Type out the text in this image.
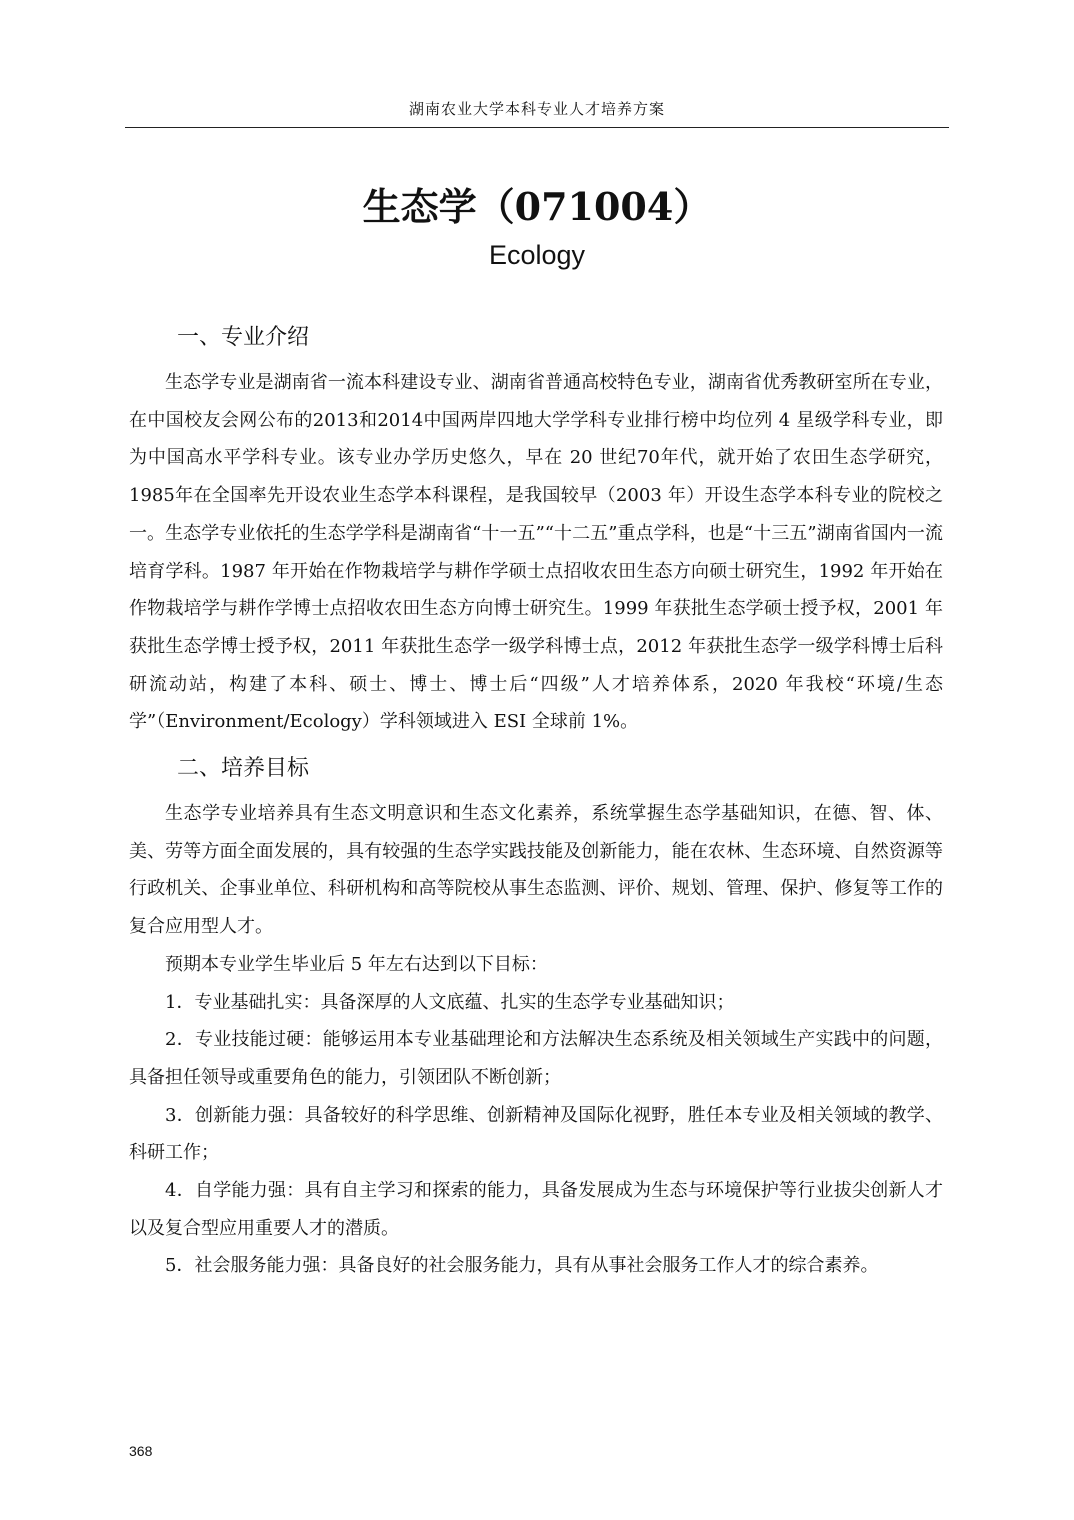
湖南农业大学本科专业人才培养方案
生态学（071004）
Ecology
一、专业介绍

生态学专业是湖南省一流本科建设专业、湖南省普通高校特色专业，湖南省优秀教研室所在专业，在中国校友会网公布的2013和2014中国两岸四地大学学科专业排行榜中均位列 4 星级学科专业，即为中国高水平学科专业。该专业办学历史悠久，早在 20 世纪70年代，就开始了农田生态学研究，1985年在全国率先开设农业生态学本科课程，是我国较早（2003 年）开设生态学本科专业的院校之一。生态学专业依托的生态学学科是湖南省“十一五”“十二五”重点学科，也是“十三五”湖南省国内一流培育学科。1987 年开始在作物栽培学与耕作学硕士点招收农田生态方向硕士研究生，1992 年开始在作物栽培学与耕作学博士点招收农田生态方向博士研究生。1999 年获批生态学硕士授予权，2001 年获批生态学博士授予权，2011 年获批生态学一级学科博士点，2012 年获批生态学一级学科博士后科研流动站，构建了本科、硕士、博士、博士后“四级”人才培养体系，2020 年我校“环境/生态学”（Environment/Ecology）学科领域进入 ESI 全球前 1%。

二、培养目标

生态学专业培养具有生态文明意识和生态文化素养，系统掌握生态学基础知识，在德、智、体、美、劳等方面全面发展的，具有较强的生态学实践技能及创新能力，能在农林、生态环境、自然资源等行政机关、企事业单位、科研机构和高等院校从事生态监测、评价、规划、管理、保护、修复等工作的复合应用型人才。

预期本专业学生毕业后 5 年左右达到以下目标：

1．专业基础扎实：具备深厚的人文底蕴、扎实的生态学专业基础知识；

2．专业技能过硬：能够运用本专业基础理论和方法解决生态系统及相关领域生产实践中的问题，具备担任领导或重要角色的能力，引领团队不断创新；

3．创新能力强：具备较好的科学思维、创新精神及国际化视野，胜任本专业及相关领域的教学、科研工作；

4．自学能力强：具有自主学习和探索的能力，具备发展成为生态与环境保护等行业拔尖创新人才以及复合型应用重要人才的潜质。

5．社会服务能力强：具备良好的社会服务能力，具有从事社会服务工作人才的综合素养。

368
